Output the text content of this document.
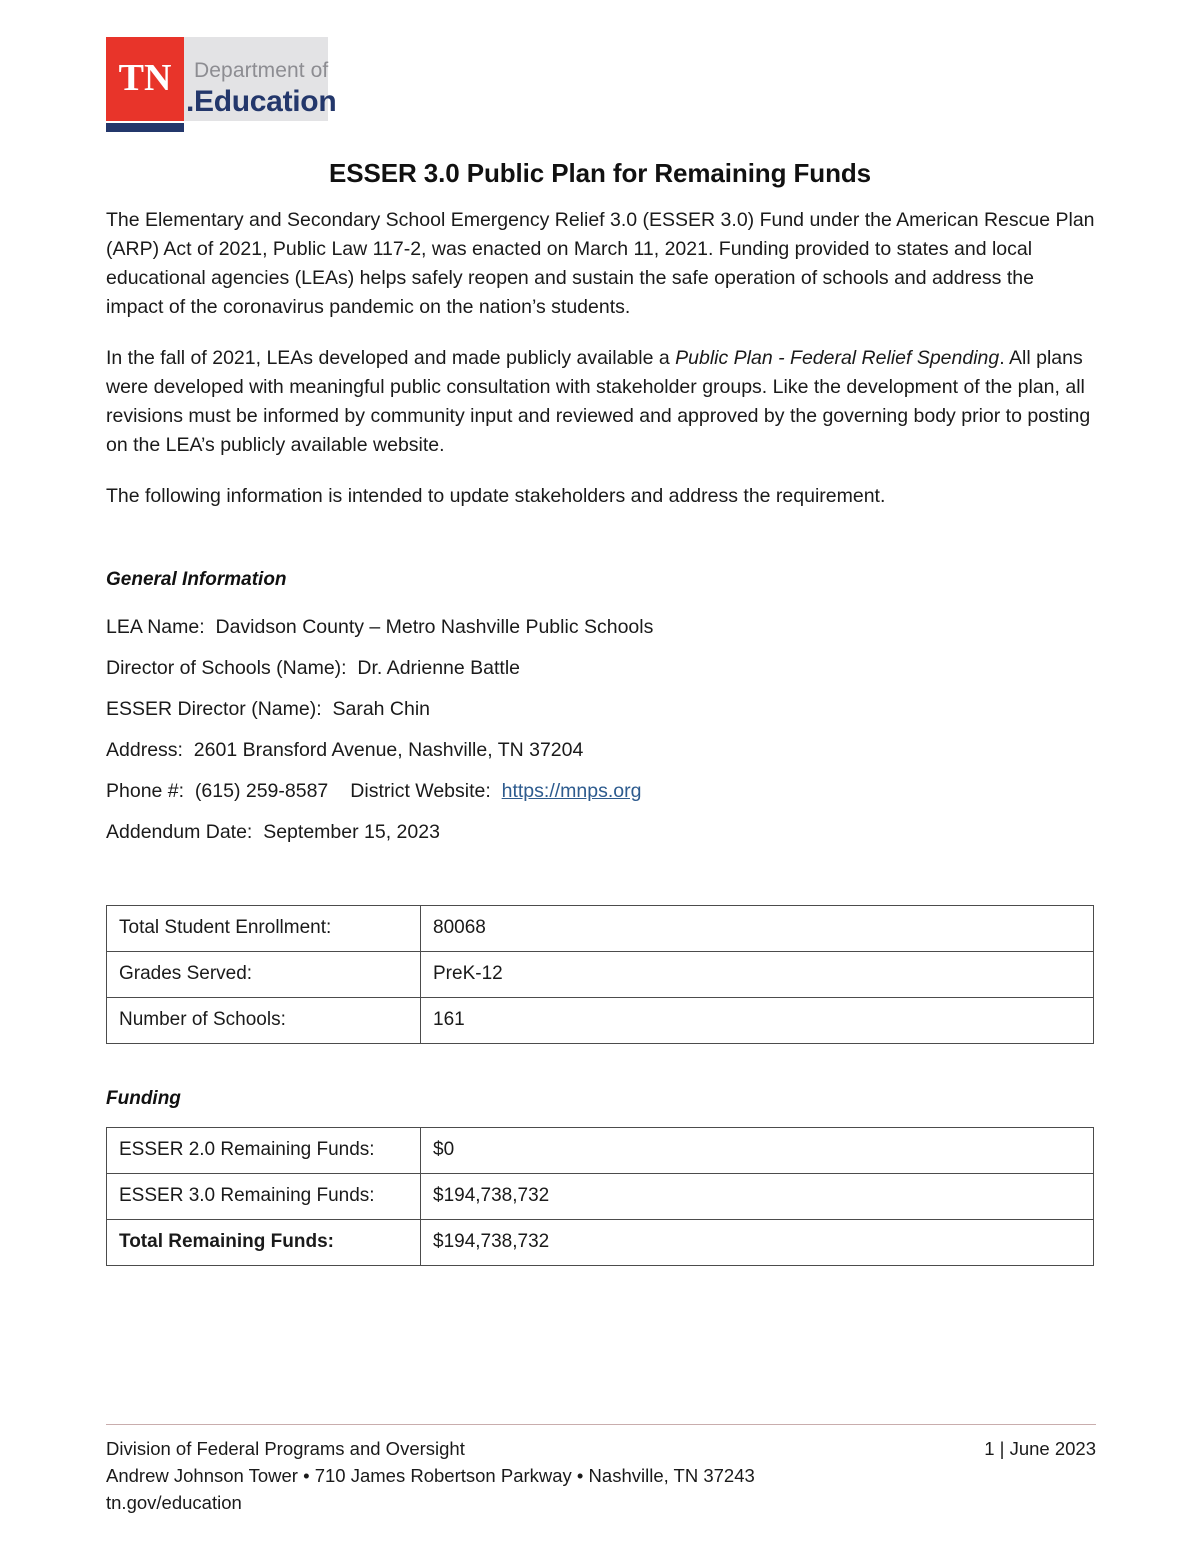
TN	Department of
.Education
ESSER 3.0 Public Plan for Remaining Funds

The Elementary and Secondary School Emergency Relief 3.0 (ESSER 3.0) Fund under the American Rescue Plan (ARP) Act of 2021, Public Law 117-2, was enacted on March 11, 2021. Funding provided to states and local educational agencies (LEAs) helps safely reopen and sustain the safe operation of schools and address the impact of the coronavirus pandemic on the nation’s students.

In the fall of 2021, LEAs developed and made publicly available a Public Plan - Federal Relief Spending. All plans were developed with meaningful public consultation with stakeholder groups. Like the development of the plan, all revisions must be informed by community input and reviewed and approved by the governing body prior to posting on the LEA’s publicly available website.

The following information is intended to update stakeholders and address the requirement.

General Information

LEA Name: Davidson County – Metro Nashville Public Schools

Director of Schools (Name): Dr. Adrienne Battle

ESSER Director (Name): Sarah Chin

Address: 2601 Bransford Avenue, Nashville, TN 37204

Phone #: (615) 259-8587 District Website: https://mnps.org

Addendum Date: September 15, 2023

Total Student Enrollment:	80068
Grades Served:	PreK-12
Number of Schools:	161
Funding
ESSER 2.0 Remaining Funds:	$0
ESSER 3.0 Remaining Funds:	$194,738,732
Total Remaining Funds:	$194,738,732
Division of Federal Programs and Oversight
Andrew Johnson Tower • 710 James Robertson Parkway • Nashville, TN 37243
tn.gov/education
1 | June 2023
